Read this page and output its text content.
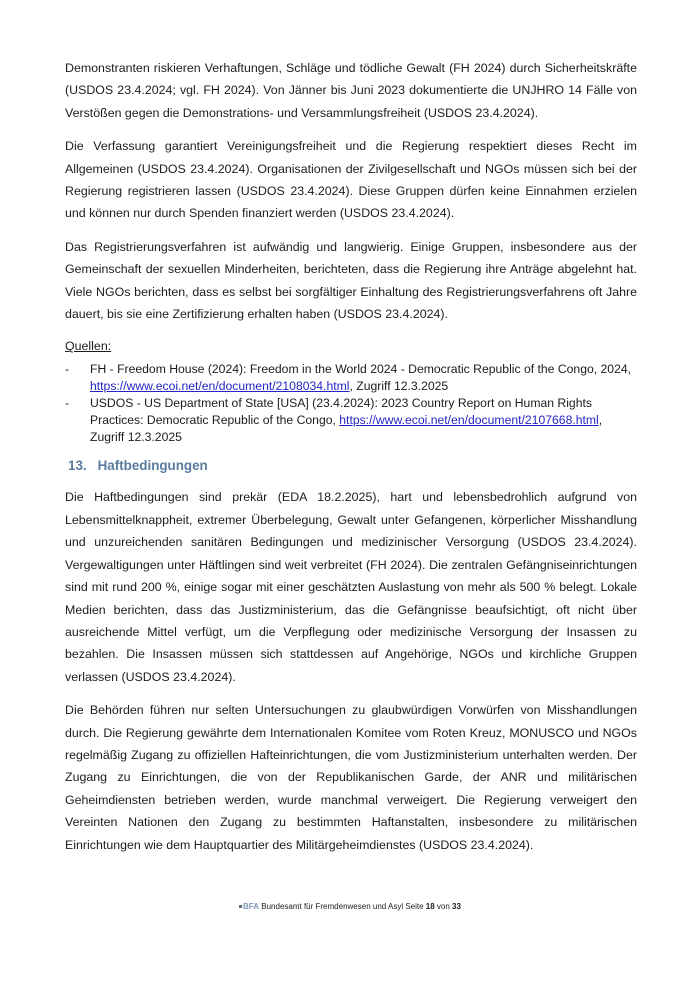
Demonstranten riskieren Verhaftungen, Schläge und tödliche Gewalt (FH 2024) durch Sicherheitskräfte (USDOS 23.4.2024; vgl. FH 2024). Von Jänner bis Juni 2023 dokumentierte die UNJHRO 14 Fälle von Verstößen gegen die Demonstrations- und Versammlungsfreiheit (USDOS 23.4.2024).

Die Verfassung garantiert Vereinigungsfreiheit und die Regierung respektiert dieses Recht im Allgemeinen (USDOS 23.4.2024). Organisationen der Zivilgesellschaft und NGOs müssen sich bei der Regierung registrieren lassen (USDOS 23.4.2024). Diese Gruppen dürfen keine Einnahmen erzielen und können nur durch Spenden finanziert werden (USDOS 23.4.2024).

Das Registrierungsverfahren ist aufwändig und langwierig. Einige Gruppen, insbesondere aus der Gemeinschaft der sexuellen Minderheiten, berichteten, dass die Regierung ihre Anträge abgelehnt hat. Viele NGOs berichten, dass es selbst bei sorgfältiger Einhaltung des Registrierungsverfahrens oft Jahre dauert, bis sie eine Zertifizierung erhalten haben (USDOS 23.4.2024).

Quellen:
-	FH - Freedom House (2024): Freedom in the World 2024 - Democratic Republic of the Congo, 2024, https://www.ecoi.net/en/document/2108034.html, Zugriff 12.3.2025
-	USDOS - US Department of State [USA] (23.4.2024): 2023 Country Report on Human Rights Practices: Democratic Republic of the Congo, https://www.ecoi.net/en/document/2107668.html, Zugriff 12.3.2025
13. Haftbedingungen

Die Haftbedingungen sind prekär (EDA 18.2.2025), hart und lebensbedrohlich aufgrund von Lebensmittelknappheit, extremer Überbelegung, Gewalt unter Gefangenen, körperlicher Misshandlung und unzureichenden sanitären Bedingungen und medizinischer Versorgung (USDOS 23.4.2024). Vergewaltigungen unter Häftlingen sind weit verbreitet (FH 2024). Die zentralen Gefängniseinrichtungen sind mit rund 200 %, einige sogar mit einer geschätzten Auslastung von mehr als 500 % belegt. Lokale Medien berichten, dass das Justizministerium, das die Gefängnisse beaufsichtigt, oft nicht über ausreichende Mittel verfügt, um die Verpflegung oder medizinische Versorgung der Insassen zu bezahlen. Die Insassen müssen sich stattdessen auf Angehörige, NGOs und kirchliche Gruppen verlassen (USDOS 23.4.2024).

Die Behörden führen nur selten Untersuchungen zu glaubwürdigen Vorwürfen von Misshandlungen durch. Die Regierung gewährte dem Internationalen Komitee vom Roten Kreuz, MONUSCO und NGOs regelmäßig Zugang zu offiziellen Hafteinrichtungen, die vom Justizministerium unterhalten werden. Der Zugang zu Einrichtungen, die von der Republikanischen Garde, der ANR und militärischen Geheimdiensten betrieben werden, wurde manchmal verweigert. Die Regierung verweigert den Vereinten Nationen den Zugang zu bestimmten Haftanstalten, insbesondere zu militärischen Einrichtungen wie dem Hauptquartier des Militärgeheimdienstes (USDOS 23.4.2024).

BFA Bundesamt für Fremdenwesen und Asyl Seite 18 von 33
